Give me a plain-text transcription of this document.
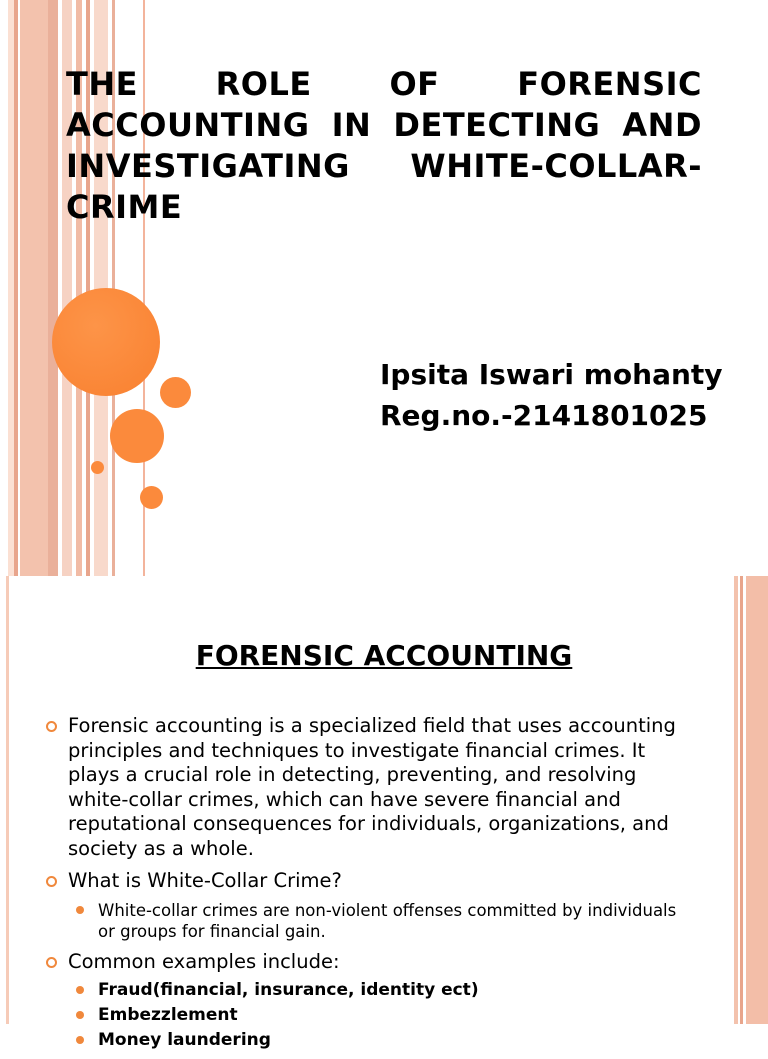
THE ROLE OF FORENSIC ACCOUNTING IN DETECTING AND INVESTIGATING WHITE-COLLAR-CRIME

Ipsita Iswari mohanty

Reg.no.-2141801025

FORENSIC ACCOUNTING
Forensic accounting is a specialized field that uses accounting principles and techniques to investigate financial crimes. It plays a crucial role in detecting, preventing, and resolving white-collar crimes, which can have severe financial and reputational consequences for individuals, organizations, and society as a whole.
What is White-Collar Crime?
White-collar crimes are non-violent offenses committed by individuals or groups for financial gain.
Common examples include:
Fraud(financial, insurance, identity ect)
Embezzlement
Money laundering
